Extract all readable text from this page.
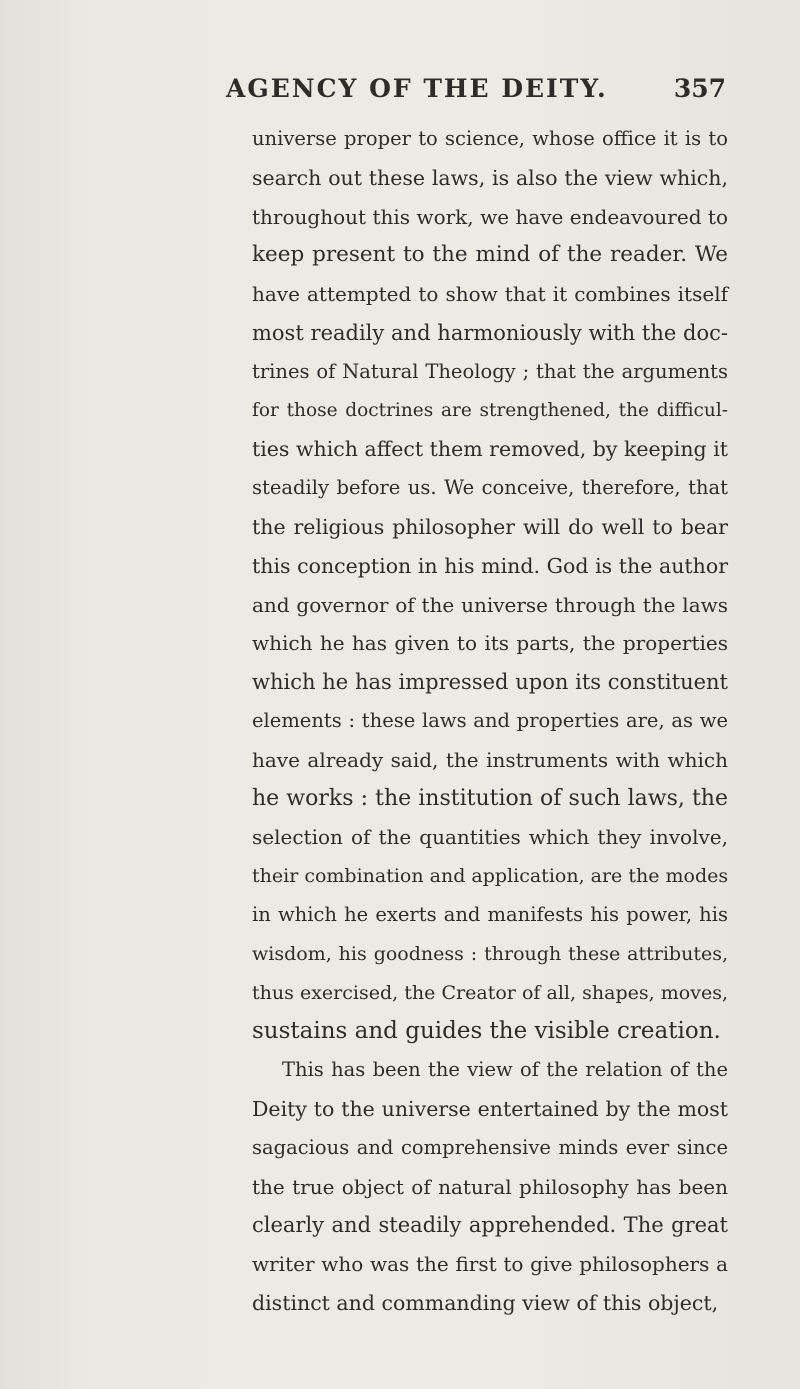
AGENCY OF THE DEITY.	357
universe proper to science, whose office it is to
search out these laws, is also the view which,
throughout this work, we have endeavoured to
keep present to the mind of the reader. We
have attempted to show that it combines itself
most readily and harmoniously with the doc-
trines of Natural Theology ; that the arguments
for those doctrines are strengthened, the difficul-
ties which affect them removed, by keeping it
steadily before us. We conceive, therefore, that
the religious philosopher will do well to bear
this conception in his mind. God is the author
and governor of the universe through the laws
which he has given to its parts, the properties
which he has impressed upon its constituent
elements : these laws and properties are, as we
have already said, the instruments with which
he works : the institution of such laws, the
selection of the quantities which they involve,
their combination and application, are the modes
in which he exerts and manifests his power, his
wisdom, his goodness : through these attributes,
thus exercised, the Creator of all, shapes, moves,
sustains and guides the visible creation.
This has been the view of the relation of the
Deity to the universe entertained by the most
sagacious and comprehensive minds ever since
the true object of natural philosophy has been
clearly and steadily apprehended. The great
writer who was the first to give philosophers a
distinct and commanding view of this object,
